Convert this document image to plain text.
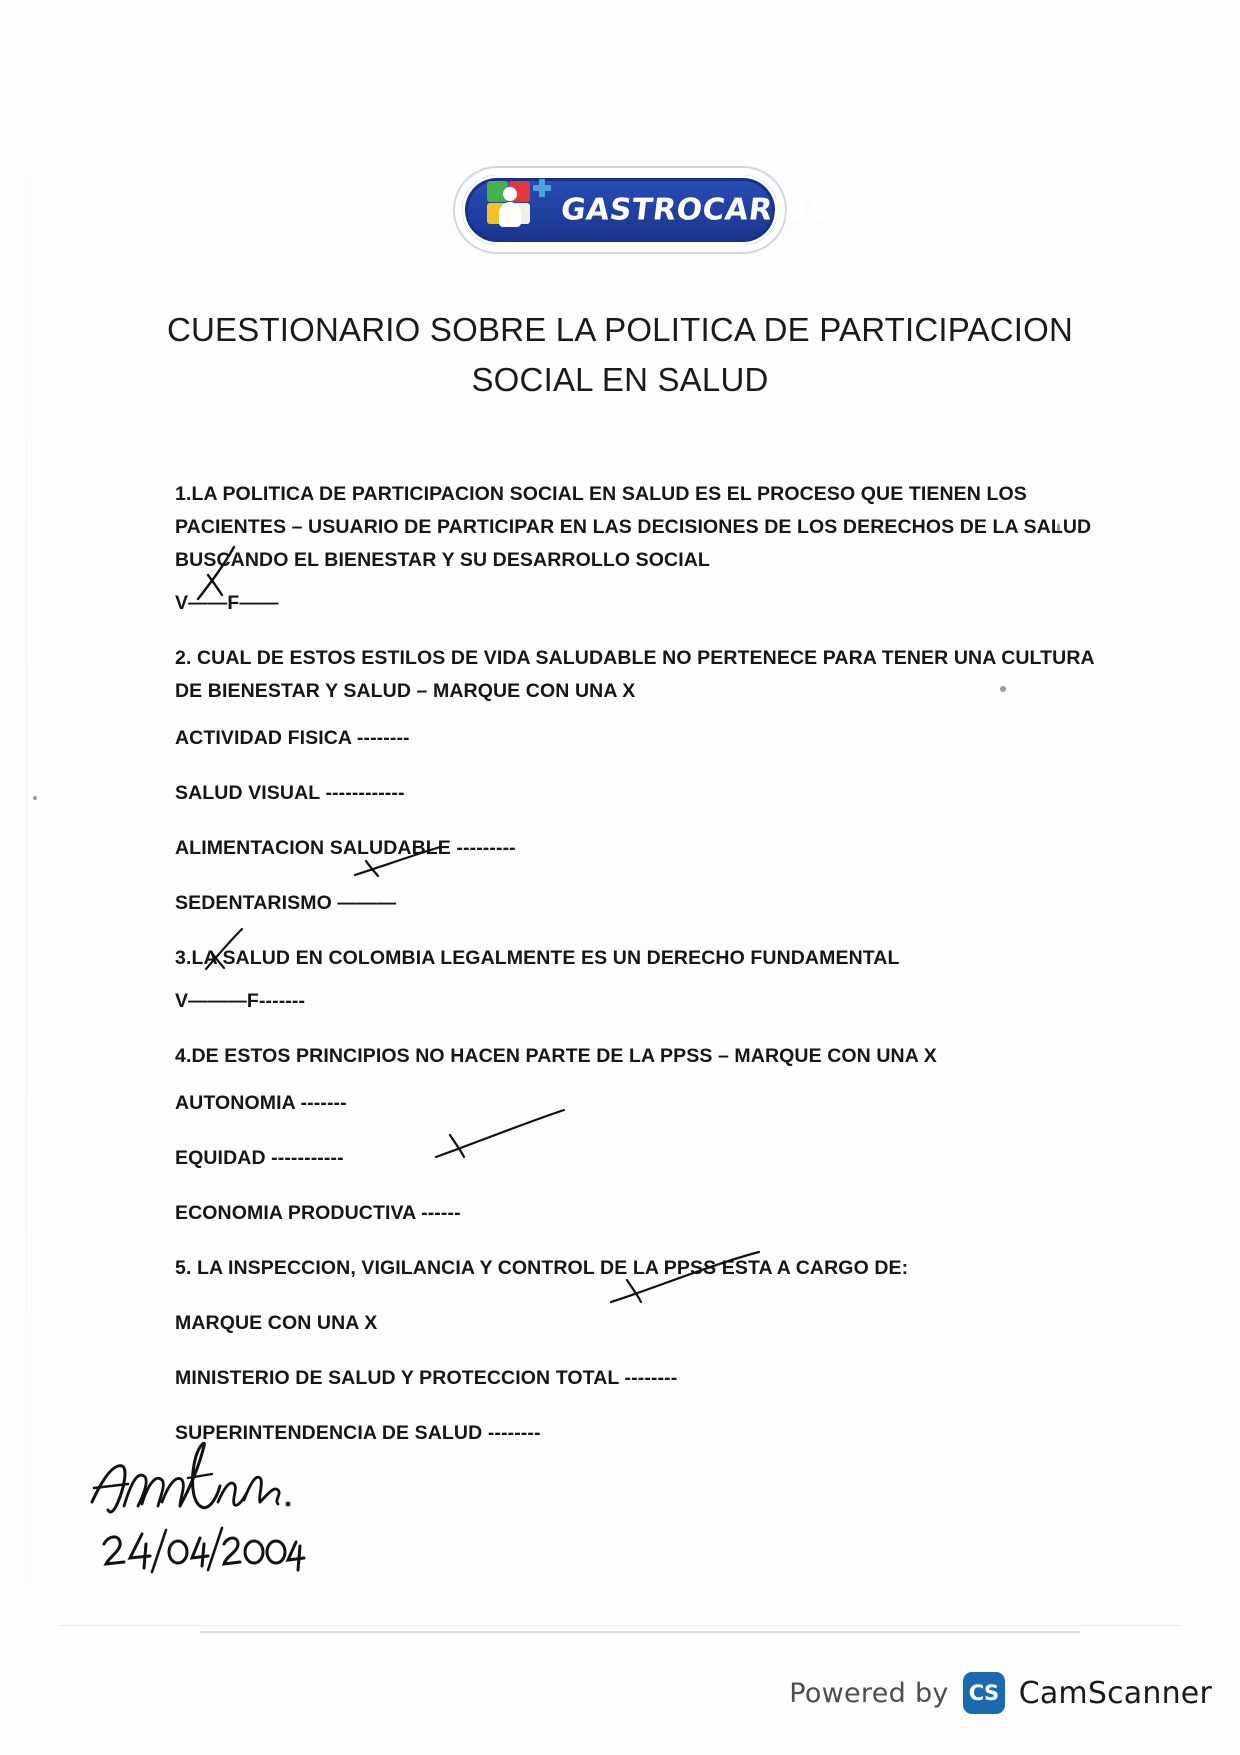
GASTROCARIBE
CUESTIONARIO SOBRE LA POLITICA DE PARTICIPACION
SOCIAL EN SALUD

1.LA POLITICA DE PARTICIPACION SOCIAL EN SALUD ES EL PROCESO QUE TIENEN LOS PACIENTES – USUARIO DE PARTICIPAR EN LAS DECISIONES DE LOS DERECHOS DE LA SALUD BUSCANDO EL BIENESTAR Y SU DESARROLLO SOCIAL

V——F——

2. CUAL DE ESTOS ESTILOS DE VIDA SALUDABLE NO PERTENECE PARA TENER UNA CULTURA DE BIENESTAR Y SALUD – MARQUE CON UNA X

ACTIVIDAD FISICA --------

SALUD VISUAL ------------

ALIMENTACION SALUDABLE ---------

SEDENTARISMO ———

3.LA SALUD EN COLOMBIA LEGALMENTE ES UN DERECHO FUNDAMENTAL

V———F-------

4.DE ESTOS PRINCIPIOS NO HACEN PARTE DE LA PPSS – MARQUE CON UNA X

AUTONOMIA -------

EQUIDAD -----------

ECONOMIA PRODUCTIVA ------

5. LA INSPECCION, VIGILANCIA Y CONTROL DE LA PPSS ESTA A CARGO DE:

MARQUE CON UNA X

MINISTERIO DE SALUD Y PROTECCION TOTAL --------

SUPERINTENDENCIA DE SALUD --------

Powered by CS CamScanner
